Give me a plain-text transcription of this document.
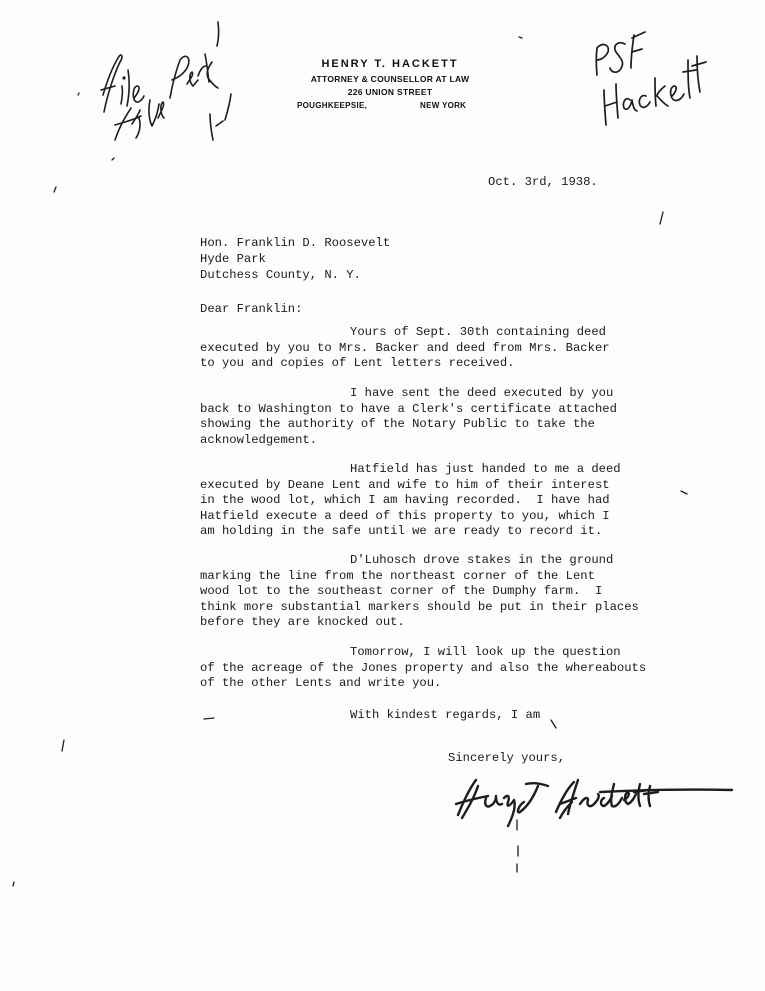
HENRY T. HACKETT
ATTORNEY & COUNSELLOR AT LAW
226 UNION STREET
POUGHKEEPSIE,	NEW YORK
Oct. 3rd, 1938.
Hon. Franklin D. Roosevelt
Hyde Park
Dutchess County, N. Y.
Dear Franklin:
Yours of Sept. 30th containing deed
executed by you to Mrs. Backer and deed from Mrs. Backer
to you and copies of Lent letters received.
I have sent the deed executed by you
back to Washington to have a Clerk's certificate attached
showing the authority of the Notary Public to take the
acknowledgement.
Hatfield has just handed to me a deed
executed by Deane Lent and wife to him of their interest
in the wood lot, which I am having recorded.  I have had
Hatfield execute a deed of this property to you, which I
am holding in the safe until we are ready to record it.
D'Luhosch drove stakes in the ground
marking the line from the northeast corner of the Lent
wood lot to the southeast corner of the Dumphy farm.  I
think more substantial markers should be put in their places
before they are knocked out.
Tomorrow, I will look up the question
of the acreage of the Jones property and also the whereabouts
of the other Lents and write you.
With kindest regards, I am
Sincerely yours,
